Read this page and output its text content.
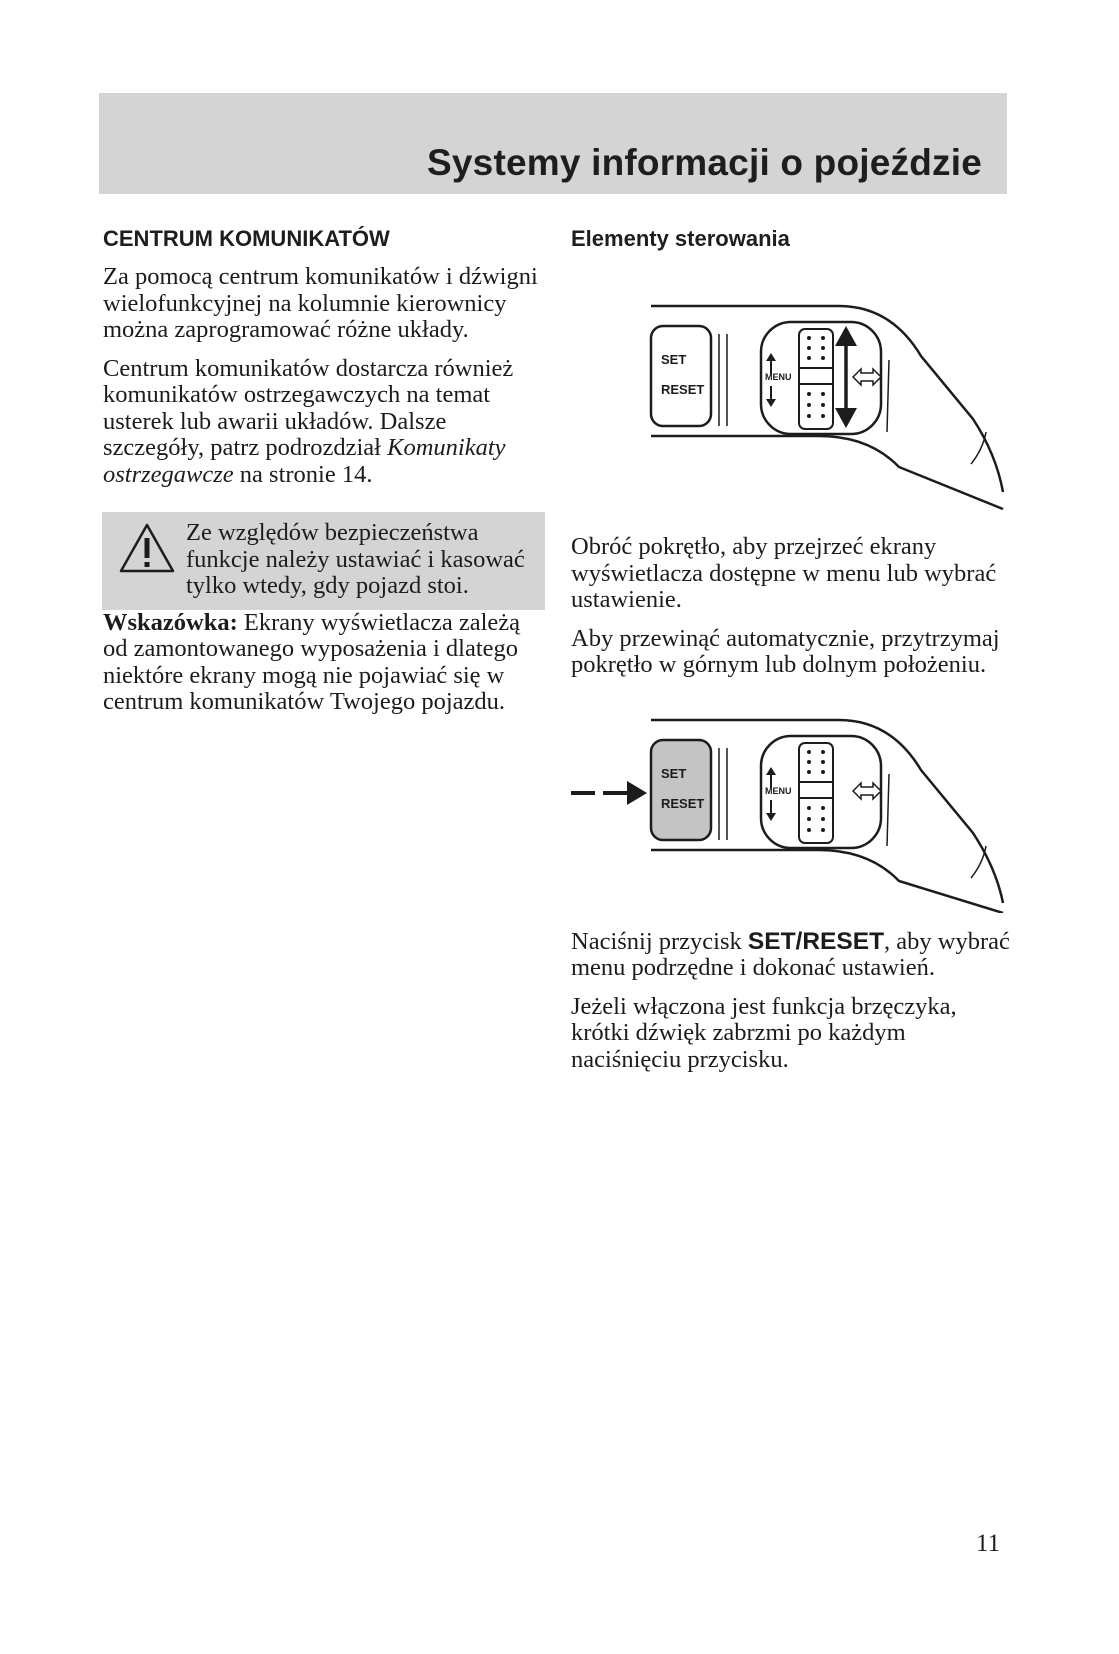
Systemy informacji o pojeździe
CENTRUM KOMUNIKATÓW

Za pomocą centrum komunikatów i dźwigni wielofunkcyjnej na kolumnie kierownicy można zaprogramować różne układy.

Centrum komunikatów dostarcza również komunikatów ostrzegawczych na temat usterek lub awarii układów. Dalsze szczegóły, patrz podrozdział Komunikaty ostrzegawcze na stronie 14.

Ze względów bezpieczeństwa funkcje należy ustawiać i kasować tylko wtedy, gdy pojazd stoi.

Wskazówka: Ekrany wyświetlacza zależą od zamontowanego wyposażenia i dlatego niektóre ekrany mogą nie pojawiać się w centrum komunikatów Twojego pojazdu.

Elementy sterowania
SET
RESET
MENU

Obróć pokrętło, aby przejrzeć ekrany wyświetlacza dostępne w menu lub wybrać ustawienie.

Aby przewinąć automatycznie, przytrzymaj pokrętło w górnym lub dolnym położeniu.

SET
RESET
MENU

Naciśnij przycisk SET/RESET, aby wybrać menu podrzędne i dokonać ustawień.

Jeżeli włączona jest funkcja brzęczyka, krótki dźwięk zabrzmi po każdym naciśnięciu przycisku.

11
